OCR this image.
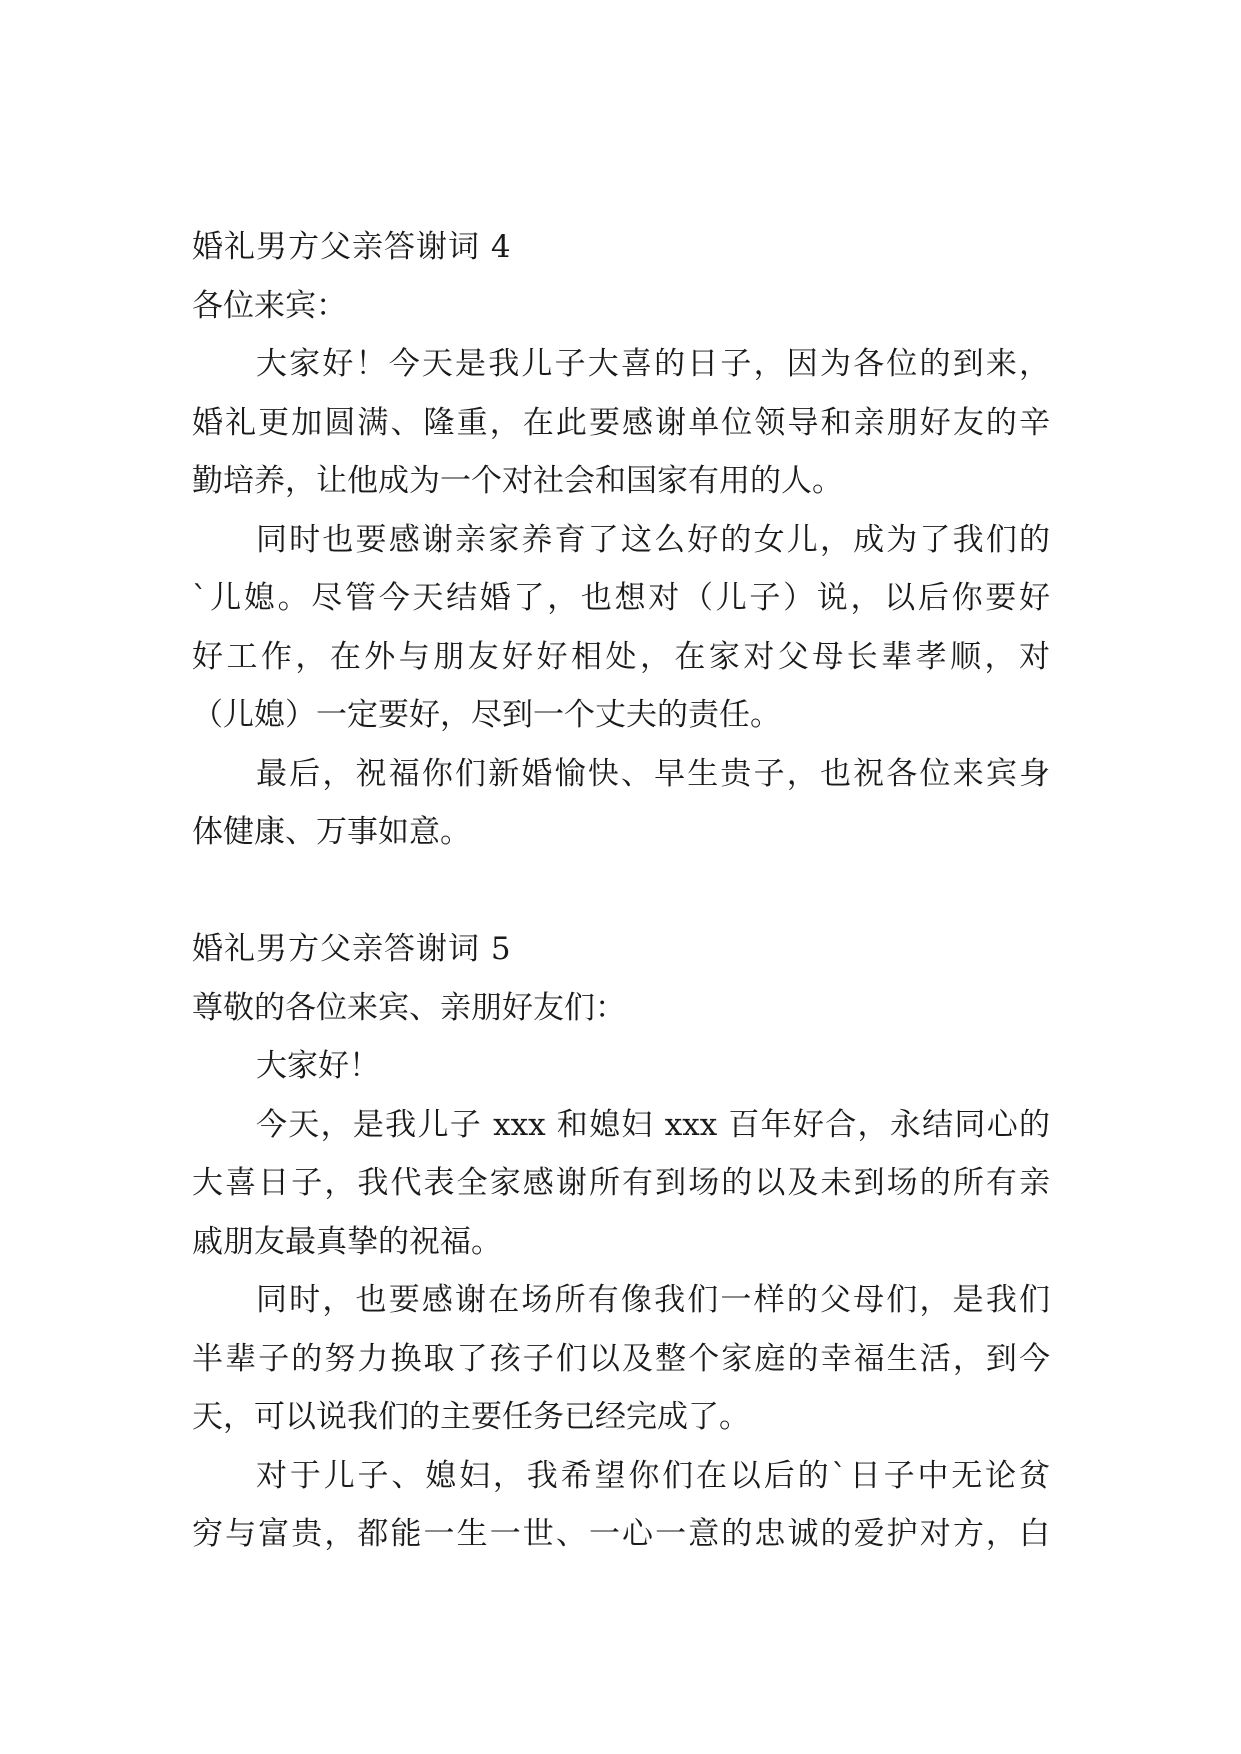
婚礼男方父亲答谢词 4
各位来宾：
大家好！今天是我儿子大喜的日子，因为各位的到来，
婚礼更加圆满、隆重，在此要感谢单位领导和亲朋好友的辛
勤培养，让他成为一个对社会和国家有用的人。
同时也要感谢亲家养育了这么好的女儿，成为了我们的
`儿媳。尽管今天结婚了，也想对（儿子）说，以后你要好
好工作，在外与朋友好好相处，在家对父母长辈孝顺，对
（儿媳）一定要好，尽到一个丈夫的责任。
最后，祝福你们新婚愉快、早生贵子，也祝各位来宾身
体健康、万事如意。
婚礼男方父亲答谢词 5
尊敬的各位来宾、亲朋好友们：
大家好！
今天，是我儿子 xxx 和媳妇 xxx 百年好合，永结同心的
大喜日子，我代表全家感谢所有到场的以及未到场的所有亲
戚朋友最真挚的祝福。
同时，也要感谢在场所有像我们一样的父母们，是我们
半辈子的努力换取了孩子们以及整个家庭的幸福生活，到今
天，可以说我们的主要任务已经完成了。
对于儿子、媳妇，我希望你们在以后的`日子中无论贫
穷与富贵，都能一生一世、一心一意的忠诚的爱护对方，白
